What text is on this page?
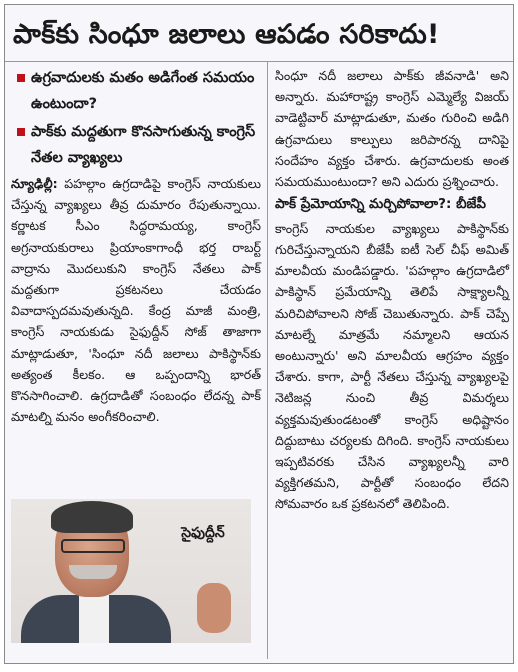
పాక్‌కు సింధూ జలాలు ఆపడం సరికాదు!
ఉగ్రవాదులకు మతం అడిగేంత సమయం ఉంటుందా?
పాక్‌కు మద్దతుగా కొనసాగుతున్న కాంగ్రెస్ నేతల వ్యాఖ్యలు

న్యూఢిల్లీ: పహల్గాం ఉగ్రదాడిపై కాంగ్రెస్ నాయకులు చేస్తున్న వ్యాఖ్యలు తీవ్ర దుమారం రేపుతున్నాయి. కర్ణాటక సీఎం సిద్ధరామయ్య, కాంగ్రెస్ అగ్రనాయకురాలు ప్రియాంకాగాంధీ భర్త రాబర్ట్ వాద్రాను మొదలుకుని కాంగ్రెస్ నేతలు పాక్ మద్దతుగా ప్రకటనలు చేయడం వివాదాస్పదమవుతున్నది. కేంద్ర మాజీ మంత్రి, కాంగ్రెస్ నాయకుడు సైఫుద్దీన్ సోజ్ తాజాగా మాట్లాడుతూ, 'సింధూ నదీ జలాలు పాకిస్థాన్‌కు అత్యంత కీలకం. ఆ ఒప్పందాన్ని భారత్ కొనసాగించాలి. ఉగ్రదాడితో సంబంధం లేదన్న పాక్ మాటల్ని మనం అంగీకరించాలి.

సైఫుద్దీన్

సింధూ నదీ జలాలు పాక్‌కు జీవనాడి' అని అన్నారు. మహారాష్ట్ర కాంగ్రెస్ ఎమ్మెల్యే విజయ్ వాడెట్టివార్ మాట్లాడుతూ, మతం గురించి అడిగి ఉగ్రవాదులు కాల్పులు జరిపారన్న దానిపై సందేహం వ్యక్తం చేశారు. ఉగ్రవాదులకు అంత సమయముంటుందా? అని ఎదురు ప్రశ్నించారు.

పాక్ ప్రేమోయాన్ని మర్చిపోవాలా?: బీజేపీ

కాంగ్రెస్ నాయకుల వ్యాఖ్యలు పాకిస్థాన్‌కు గురిచేస్తున్నాయని బీజేపీ ఐటీ సెల్ చీఫ్ అమిత్ మాలవీయ మండిపడ్డారు. 'పహల్గాం ఉగ్రదాడిలో పాకిస్థాన్ ప్రమేయాన్ని తెలిపే సాక్ష్యాలన్నీ మరిచిపోవాలని సోజ్ చెబుతున్నారు. పాక్ చెప్పే మాటల్నే మాత్రమే నమ్మాలని ఆయన అంటున్నారు' అని మాలవీయ ఆగ్రహం వ్యక్తం చేశారు. కాగా, పార్టీ నేతలు చేస్తున్న వ్యాఖ్యలపై నెటిజన్ల నుంచి తీవ్ర విమర్శలు వ్యక్తమవుతుండటంతో కాంగ్రెస్ అధిష్టానం దిద్దుబాటు చర్యలకు దిగింది. కాంగ్రెస్ నాయకులు ఇప్పటివరకు చేసిన వ్యాఖ్యలన్నీ వారి వ్యక్తిగతమని, పార్టీతో సంబంధం లేదని సోమవారం ఒక ప్రకటనలో తెలిపింది.
